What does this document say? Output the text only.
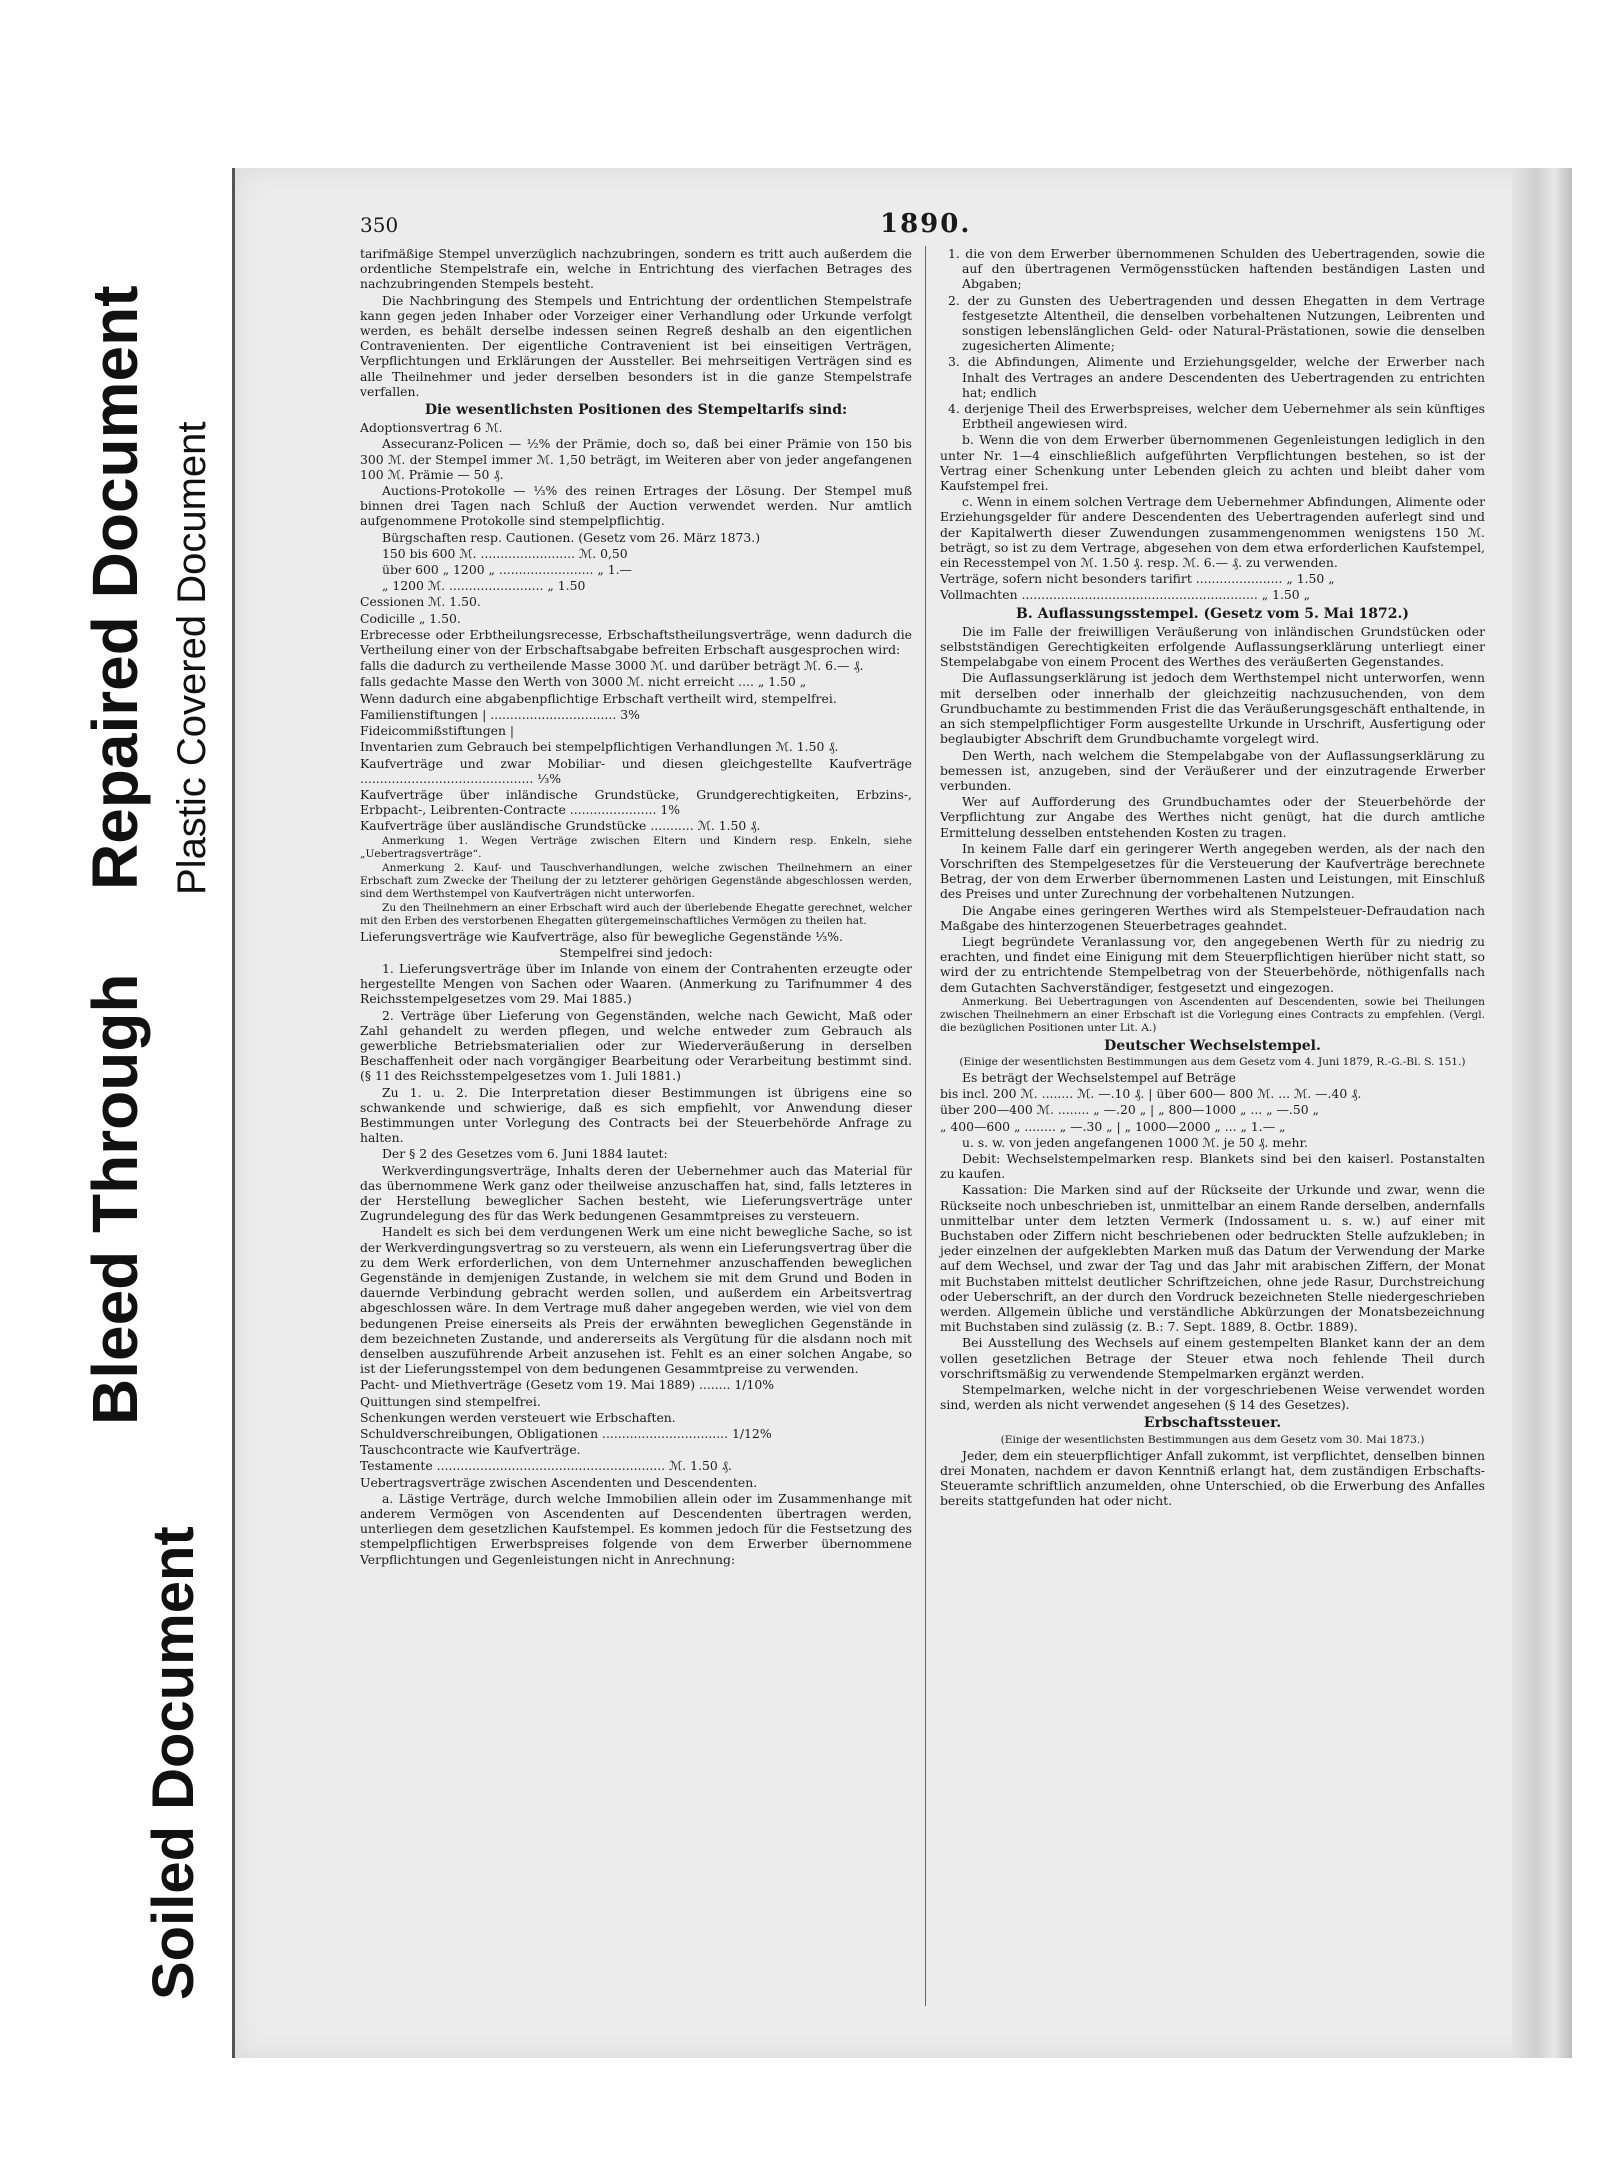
Repaired Document
Bleed Through
Plastic Covered Document
Soiled Document
350	1890.
tarifmäßige Stempel unverzüglich nachzubringen, sondern es tritt auch außerdem die ordentliche Stempelstrafe ein, welche in Entrichtung des vierfachen Betrages des nachzubringenden Stempels besteht.
Die Nachbringung des Stempels und Entrichtung der ordentlichen Stempelstrafe kann gegen jeden Inhaber oder Vorzeiger einer Verhandlung oder Urkunde verfolgt werden, es behält derselbe indessen seinen Regreß deshalb an den eigentlichen Contravenienten. Der eigentliche Contravenient ist bei einseitigen Verträgen, Verpflichtungen und Erklärungen der Aussteller. Bei mehrseitigen Verträgen sind es alle Theilnehmer und jeder derselben besonders ist in die ganze Stempelstrafe verfallen.
Die wesentlichsten Positionen des Stempeltarifs sind:
Adoptionsvertrag 6 ℳ.
Assecuranz-Policen — ½% der Prämie, doch so, daß bei einer Prämie von 150 bis 300 ℳ. der Stempel immer ℳ. 1,50 beträgt, im Weiteren aber von jeder angefangenen 100 ℳ. Prämie — 50 ₰.
Auctions-Protokolle — ⅓% des reinen Ertrages der Lösung. Der Stempel muß binnen drei Tagen nach Schluß der Auction verwendet werden. Nur amtlich aufgenommene Protokolle sind stempelpflichtig.
Bürgschaften resp. Cautionen. (Gesetz vom 26. März 1873.)
150 bis 600 ℳ. ........................ ℳ. 0,50
über 600 „ 1200 „ ........................ „ 1.—
„ 1200 ℳ. ........................ „ 1.50
Cessionen ℳ. 1.50.
Codicille „ 1.50.
Erbrecesse oder Erbtheilungsrecesse, Erbschaftstheilungsverträge, wenn dadurch die Vertheilung einer von der Erbschaftsabgabe befreiten Erbschaft ausgesprochen wird:
falls die dadurch zu vertheilende Masse 3000 ℳ. und darüber beträgt ℳ. 6.— ₰.
falls gedachte Masse den Werth von 3000 ℳ. nicht erreicht .... „ 1.50 „
Wenn dadurch eine abgabenpflichtige Erbschaft vertheilt wird, stempelfrei.
Familienstiftungen | ................................ 3%
Fideicommißstiftungen |
Inventarien zum Gebrauch bei stempelpflichtigen Verhandlungen ℳ. 1.50 ₰.
Kaufverträge und zwar Mobiliar- und diesen gleichgestellte Kaufverträge ............................................ ⅓%
Kaufverträge über inländische Grundstücke, Grundgerechtigkeiten, Erbzins-, Erbpacht-, Leibrenten-Contracte ...................... 1%
Kaufverträge über ausländische Grundstücke ........... ℳ. 1.50 ₰.
Anmerkung 1. Wegen Verträge zwischen Eltern und Kindern resp. Enkeln, siehe „Uebertragsverträge“.
Anmerkung 2. Kauf- und Tauschverhandlungen, welche zwischen Theilnehmern an einer Erbschaft zum Zwecke der Theilung der zu letzterer gehörigen Gegenstände abgeschlossen werden, sind dem Werthstempel von Kaufverträgen nicht unterworfen.
Zu den Theilnehmern an einer Erbschaft wird auch der überlebende Ehegatte gerechnet, welcher mit den Erben des verstorbenen Ehegatten gütergemeinschaftliches Vermögen zu theilen hat.
Lieferungsverträge wie Kaufverträge, also für bewegliche Gegenstände ⅓%.
Stempelfrei sind jedoch:
1. Lieferungsverträge über im Inlande von einem der Contrahenten erzeugte oder hergestellte Mengen von Sachen oder Waaren. (Anmerkung zu Tarifnummer 4 des Reichsstempelgesetzes vom 29. Mai 1885.)
2. Verträge über Lieferung von Gegenständen, welche nach Gewicht, Maß oder Zahl gehandelt zu werden pflegen, und welche entweder zum Gebrauch als gewerbliche Betriebsmaterialien oder zur Wiederveräußerung in derselben Beschaffenheit oder nach vorgängiger Bearbeitung oder Verarbeitung bestimmt sind. (§ 11 des Reichsstempelgesetzes vom 1. Juli 1881.)
Zu 1. u. 2. Die Interpretation dieser Bestimmungen ist übrigens eine so schwankende und schwierige, daß es sich empfiehlt, vor Anwendung dieser Bestimmungen unter Vorlegung des Contracts bei der Steuerbehörde Anfrage zu halten.
Der § 2 des Gesetzes vom 6. Juni 1884 lautet:
Werkverdingungsverträge, Inhalts deren der Uebernehmer auch das Material für das übernommene Werk ganz oder theilweise anzuschaffen hat, sind, falls letzteres in der Herstellung beweglicher Sachen besteht, wie Lieferungsverträge unter Zugrundelegung des für das Werk bedungenen Gesammtpreises zu versteuern.
Handelt es sich bei dem verdungenen Werk um eine nicht bewegliche Sache, so ist der Werkverdingungsvertrag so zu versteuern, als wenn ein Lieferungsvertrag über die zu dem Werk erforderlichen, von dem Unternehmer anzuschaffenden beweglichen Gegenstände in demjenigen Zustande, in welchem sie mit dem Grund und Boden in dauernde Verbindung gebracht werden sollen, und außerdem ein Arbeitsvertrag abgeschlossen wäre. In dem Vertrage muß daher angegeben werden, wie viel von dem bedungenen Preise einerseits als Preis der erwähnten beweglichen Gegenstände in dem bezeichneten Zustande, und andererseits als Vergütung für die alsdann noch mit denselben auszuführende Arbeit anzusehen ist. Fehlt es an einer solchen Angabe, so ist der Lieferungsstempel von dem bedungenen Gesammtpreise zu verwenden.
Pacht- und Miethverträge (Gesetz vom 19. Mai 1889) ........ 1/10%
Quittungen sind stempelfrei.
Schenkungen werden versteuert wie Erbschaften.
Schuldverschreibungen, Obligationen ................................ 1/12%
Tauschcontracte wie Kaufverträge.
Testamente .......................................................... ℳ. 1.50 ₰.
Uebertragsverträge zwischen Ascendenten und Descendenten.
a. Lästige Verträge, durch welche Immobilien allein oder im Zusammenhange mit anderem Vermögen von Ascendenten auf Descendenten übertragen werden, unterliegen dem gesetzlichen Kaufstempel. Es kommen jedoch für die Festsetzung des stempelpflichtigen Erwerbspreises folgende von dem Erwerber übernommene Verpflichtungen und Gegenleistungen nicht in Anrechnung:
1. die von dem Erwerber übernommenen Schulden des Uebertragenden, sowie die auf den übertragenen Vermögensstücken haftenden beständigen Lasten und Abgaben;
2. der zu Gunsten des Uebertragenden und dessen Ehegatten in dem Vertrage festgesetzte Altentheil, die denselben vorbehaltenen Nutzungen, Leibrenten und sonstigen lebenslänglichen Geld- oder Natural-Prästationen, sowie die denselben zugesicherten Alimente;
3. die Abfindungen, Alimente und Erziehungsgelder, welche der Erwerber nach Inhalt des Vertrages an andere Descendenten des Uebertragenden zu entrichten hat; endlich
4. derjenige Theil des Erwerbspreises, welcher dem Uebernehmer als sein künftiges Erbtheil angewiesen wird.
b. Wenn die von dem Erwerber übernommenen Gegenleistungen lediglich in den unter Nr. 1—4 einschließlich aufgeführten Verpflichtungen bestehen, so ist der Vertrag einer Schenkung unter Lebenden gleich zu achten und bleibt daher vom Kaufstempel frei.
c. Wenn in einem solchen Vertrage dem Uebernehmer Abfindungen, Alimente oder Erziehungsgelder für andere Descendenten des Uebertragenden auferlegt sind und der Kapitalwerth dieser Zuwendungen zusammengenommen wenigstens 150 ℳ. beträgt, so ist zu dem Vertrage, abgesehen von dem etwa erforderlichen Kaufstempel, ein Recesstempel von ℳ. 1.50 ₰. resp. ℳ. 6.— ₰. zu verwenden.
Verträge, sofern nicht besonders tarifirt ...................... „ 1.50 „
Vollmachten ............................................................ „ 1.50 „
B. Auflassungsstempel. (Gesetz vom 5. Mai 1872.)
Die im Falle der freiwilligen Veräußerung von inländischen Grundstücken oder selbstständigen Gerechtigkeiten erfolgende Auflassungserklärung unterliegt einer Stempelabgabe von einem Procent des Werthes des veräußerten Gegenstandes.
Die Auflassungserklärung ist jedoch dem Werthstempel nicht unterworfen, wenn mit derselben oder innerhalb der gleichzeitig nachzusuchenden, von dem Grundbuchamte zu bestimmenden Frist die das Veräußerungsgeschäft enthaltende, in an sich stempelpflichtiger Form ausgestellte Urkunde in Urschrift, Ausfertigung oder beglaubigter Abschrift dem Grundbuchamte vorgelegt wird.
Den Werth, nach welchem die Stempelabgabe von der Auflassungserklärung zu bemessen ist, anzugeben, sind der Veräußerer und der einzutragende Erwerber verbunden.
Wer auf Aufforderung des Grundbuchamtes oder der Steuerbehörde der Verpflichtung zur Angabe des Werthes nicht genügt, hat die durch amtliche Ermittelung desselben entstehenden Kosten zu tragen.
In keinem Falle darf ein geringerer Werth angegeben werden, als der nach den Vorschriften des Stempelgesetzes für die Versteuerung der Kaufverträge berechnete Betrag, der von dem Erwerber übernommenen Lasten und Leistungen, mit Einschluß des Preises und unter Zurechnung der vorbehaltenen Nutzungen.
Die Angabe eines geringeren Werthes wird als Stempelsteuer-Defraudation nach Maßgabe des hinterzogenen Steuerbetrages geahndet.
Liegt begründete Veranlassung vor, den angegebenen Werth für zu niedrig zu erachten, und findet eine Einigung mit dem Steuerpflichtigen hierüber nicht statt, so wird der zu entrichtende Stempelbetrag von der Steuerbehörde, nöthigenfalls nach dem Gutachten Sachverständiger, festgesetzt und eingezogen.
Anmerkung. Bei Uebertragungen von Ascendenten auf Descendenten, sowie bei Theilungen zwischen Theilnehmern an einer Erbschaft ist die Vorlegung eines Contracts zu empfehlen. (Vergl. die bezüglichen Positionen unter Lit. A.)
Deutscher Wechselstempel.
(Einige der wesentlichsten Bestimmungen aus dem Gesetz vom 4. Juni 1879, R.-G.-Bl. S. 151.)
Es beträgt der Wechselstempel auf Beträge
bis incl. 200 ℳ. ........ ℳ. —.10 ₰. | über 600— 800 ℳ. ... ℳ. —.40 ₰.
über 200—400 ℳ. ........ „ —.20 „ | „ 800—1000 „ ... „ —.50 „
„ 400—600 „ ........ „ —.30 „ | „ 1000—2000 „ ... „ 1.— „
u. s. w. von jeden angefangenen 1000 ℳ. je 50 ₰. mehr.
Debit: Wechselstempelmarken resp. Blankets sind bei den kaiserl. Postanstalten zu kaufen.
Kassation: Die Marken sind auf der Rückseite der Urkunde und zwar, wenn die Rückseite noch unbeschrieben ist, unmittelbar an einem Rande derselben, andernfalls unmittelbar unter dem letzten Vermerk (Indossament u. s. w.) auf einer mit Buchstaben oder Ziffern nicht beschriebenen oder bedruckten Stelle aufzukleben; in jeder einzelnen der aufgeklebten Marken muß das Datum der Verwendung der Marke auf dem Wechsel, und zwar der Tag und das Jahr mit arabischen Ziffern, der Monat mit Buchstaben mittelst deutlicher Schriftzeichen, ohne jede Rasur, Durchstreichung oder Ueberschrift, an der durch den Vordruck bezeichneten Stelle niedergeschrieben werden. Allgemein übliche und verständliche Abkürzungen der Monatsbezeichnung mit Buchstaben sind zulässig (z. B.: 7. Sept. 1889, 8. Octbr. 1889).
Bei Ausstellung des Wechsels auf einem gestempelten Blanket kann der an dem vollen gesetzlichen Betrage der Steuer etwa noch fehlende Theil durch vorschriftsmäßig zu verwendende Stempelmarken ergänzt werden.
Stempelmarken, welche nicht in der vorgeschriebenen Weise verwendet worden sind, werden als nicht verwendet angesehen (§ 14 des Gesetzes).
Erbschaftssteuer.
(Einige der wesentlichsten Bestimmungen aus dem Gesetz vom 30. Mai 1873.)
Jeder, dem ein steuerpflichtiger Anfall zukommt, ist verpflichtet, denselben binnen drei Monaten, nachdem er davon Kenntniß erlangt hat, dem zuständigen Erbschafts-Steueramte schriftlich anzumelden, ohne Unterschied, ob die Erwerbung des Anfalles bereits stattgefunden hat oder nicht.
